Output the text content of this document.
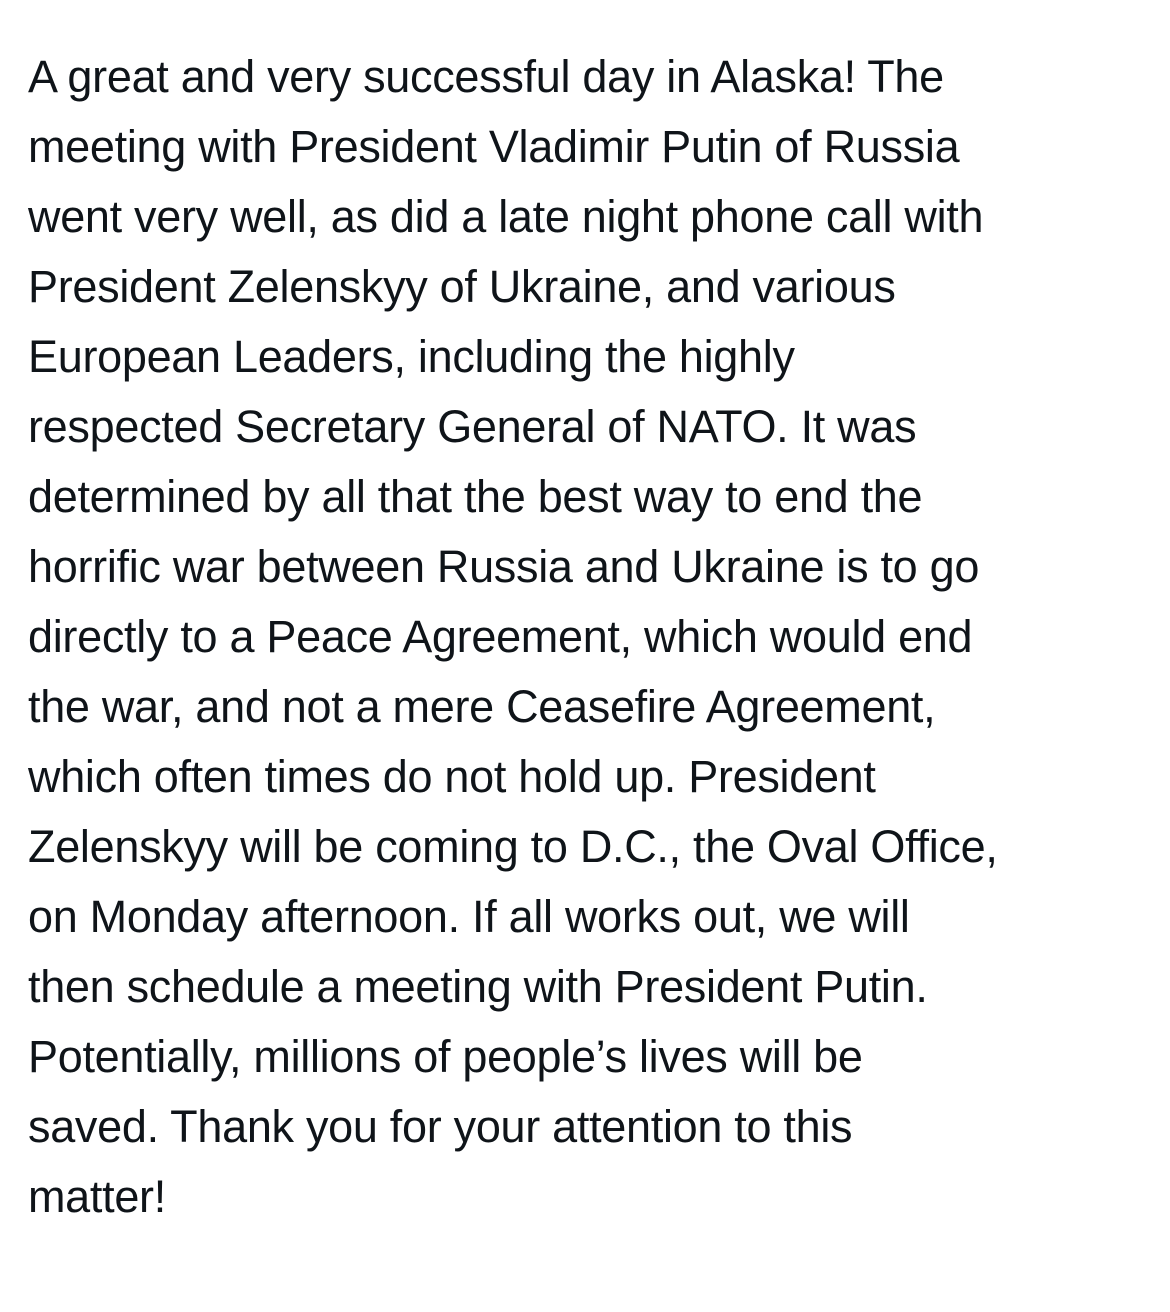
A great and very successful day in Alaska! The
meeting with President Vladimir Putin of Russia
went very well, as did a late night phone call with
President Zelenskyy of Ukraine, and various
European Leaders, including the highly
respected Secretary General of NATO. It was
determined by all that the best way to end the
horrific war between Russia and Ukraine is to go
directly to a Peace Agreement, which would end
the war, and not a mere Ceasefire Agreement,
which often times do not hold up. President
Zelenskyy will be coming to D.C., the Oval Office,
on Monday afternoon. If all works out, we will
then schedule a meeting with President Putin.
Potentially, millions of people’s lives will be
saved. Thank you for your attention to this
matter!
